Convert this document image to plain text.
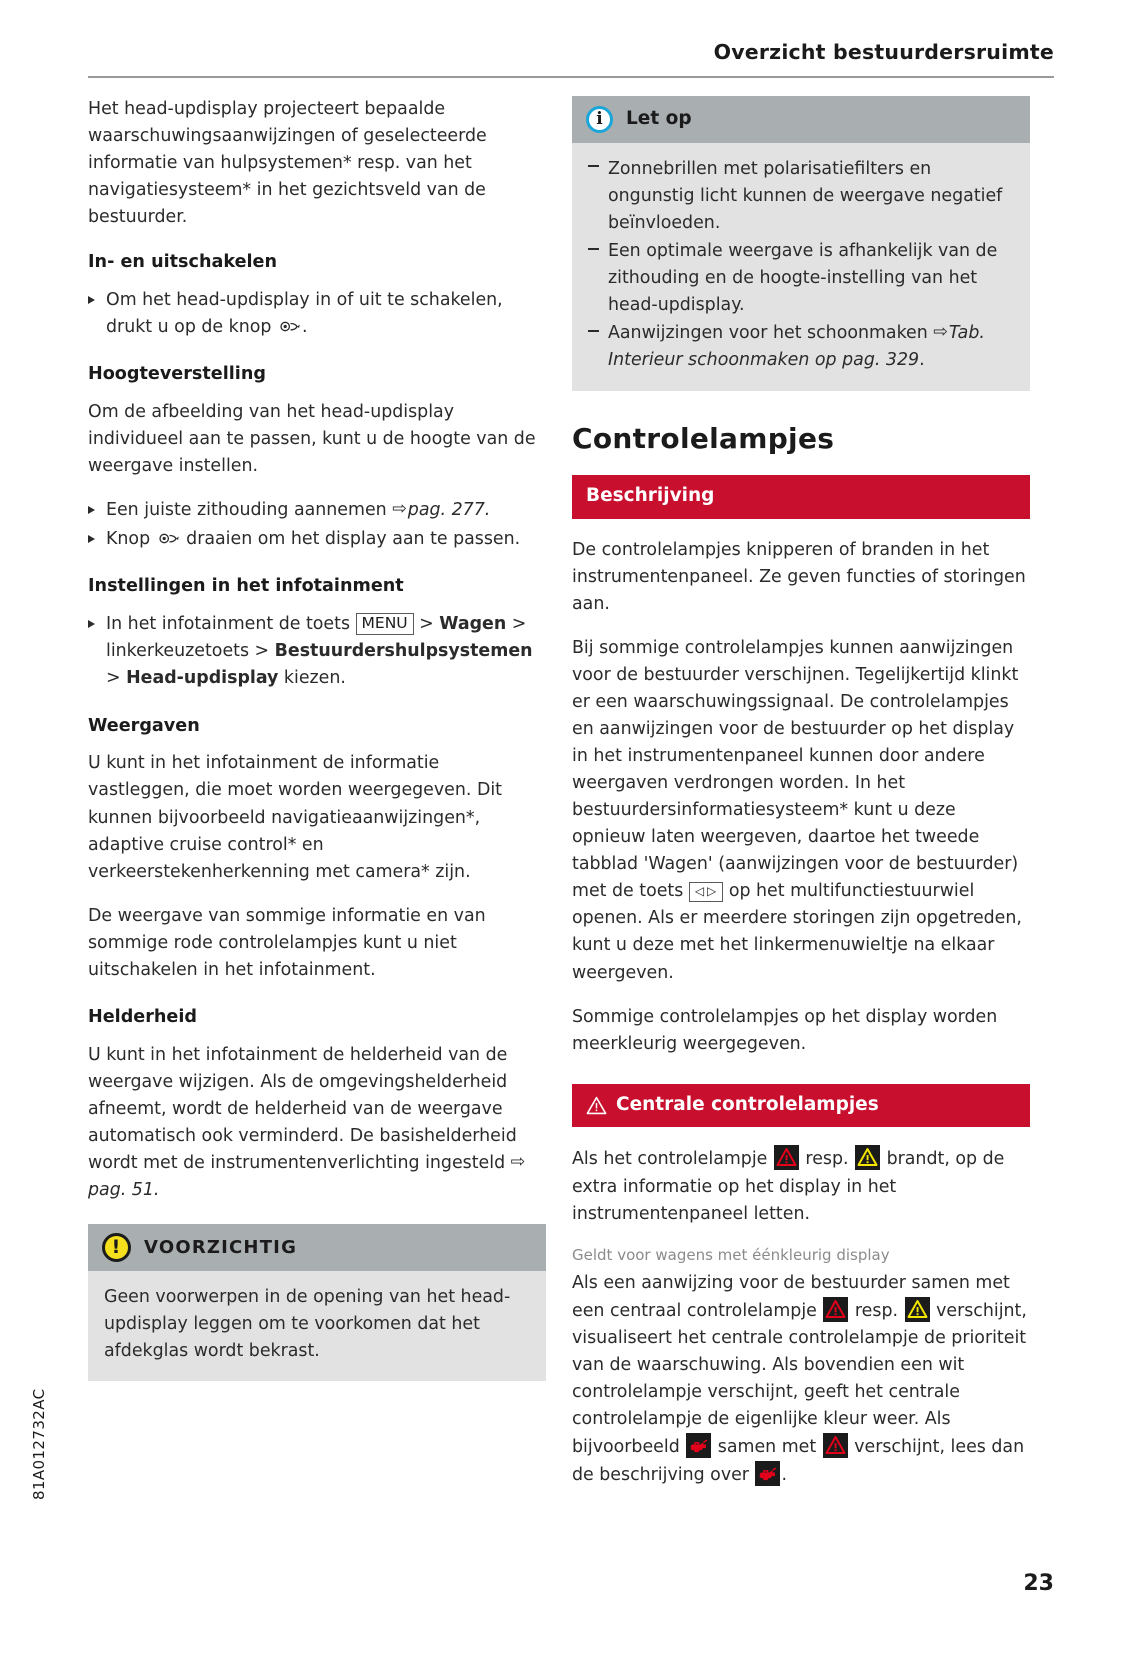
Overzicht bestuurdersruimte

Het head-updisplay projecteert bepaalde waarschuwingsaanwijzingen of geselecteerde informatie van hulpsystemen* resp. van het navigatiesysteem* in het gezichtsveld van de bestuurder.

In- en uitschakelen
Om het head-updisplay in of uit te schakelen, drukt u op de knop .
Hoogteverstelling

Om de afbeelding van het head-updisplay individueel aan te passen, kunt u de hoogte van de weergave instellen.

Een juiste zithouding aannemen ⇨pag. 277.
Knop  draaien om het display aan te passen.
Instellingen in het infotainment
In het infotainment de toets MENU > Wagen > linkerkeuzetoets > Bestuurdershulpsystemen > Head-updisplay kiezen.
Weergaven

U kunt in het infotainment de informatie vastleggen, die moet worden weergegeven. Dit kunnen bijvoorbeeld navigatieaanwijzingen*, adaptive cruise control* en verkeerstekenherkenning met camera* zijn.

De weergave van sommige informatie en van sommige rode controlelampjes kunt u niet uitschakelen in het infotainment.

Helderheid

U kunt in het infotainment de helderheid van de weergave wijzigen. Als de omgevingshelderheid afneemt, wordt de helderheid van de weergave automatisch ook verminderd. De basishelderheid wordt met de instrumentenverlichting ingesteld ⇨pag. 51.

!	VOORZICHTIG
Geen voorwerpen in de opening van het head-updisplay leggen om te voorkomen dat het afdekglas wordt bekrast.
i	Let op
Zonnebrillen met polarisatiefilters en ongunstig licht kunnen de weergave negatief beïnvloeden.
Een optimale weergave is afhankelijk van de zithouding en de hoogte-instelling van het head-updisplay.
Aanwijzingen voor het schoonmaken ⇨Tab. Interieur schoonmaken op pag. 329.
Controlelampjes
Beschrijving

De controlelampjes knipperen of branden in het instrumentenpaneel. Ze geven functies of storingen aan.

Bij sommige controlelampjes kunnen aanwijzingen voor de bestuurder verschijnen. Tegelijkertijd klinkt er een waarschuwingssignaal. De controlelampjes en aanwijzingen voor de bestuurder op het display in het instrumentenpaneel kunnen door andere weergaven verdrongen worden. In het bestuurdersinformatiesysteem* kunt u deze opnieuw laten weergeven, daartoe het tweede tabblad 'Wagen' (aanwijzingen voor de bestuurder) met de toets ◁▷ op het multifunctiestuurwiel openen. Als er meerdere storingen zijn opgetreden, kunt u deze met het linkermenuwieltje na elkaar weergeven.

Sommige controlelampjes op het display worden meerkleurig weergegeven.

Centrale controlelampjes

Als het controlelampje
resp.
brandt, op de extra informatie op het display in het instrumentenpaneel letten.

Geldt voor wagens met éénkleurig display

Als een aanwijzing voor de bestuurder samen met een centraal controlelampje
resp.
verschijnt, visualiseert het centrale controlelampje de prioriteit van de waarschuwing. Als bovendien een wit controlelampje verschijnt, geeft het centrale controlelampje de eigenlijke kleur weer. Als bijvoorbeeld
samen met
verschijnt, lees dan de beschrijving over
.

81A012732AC
23
